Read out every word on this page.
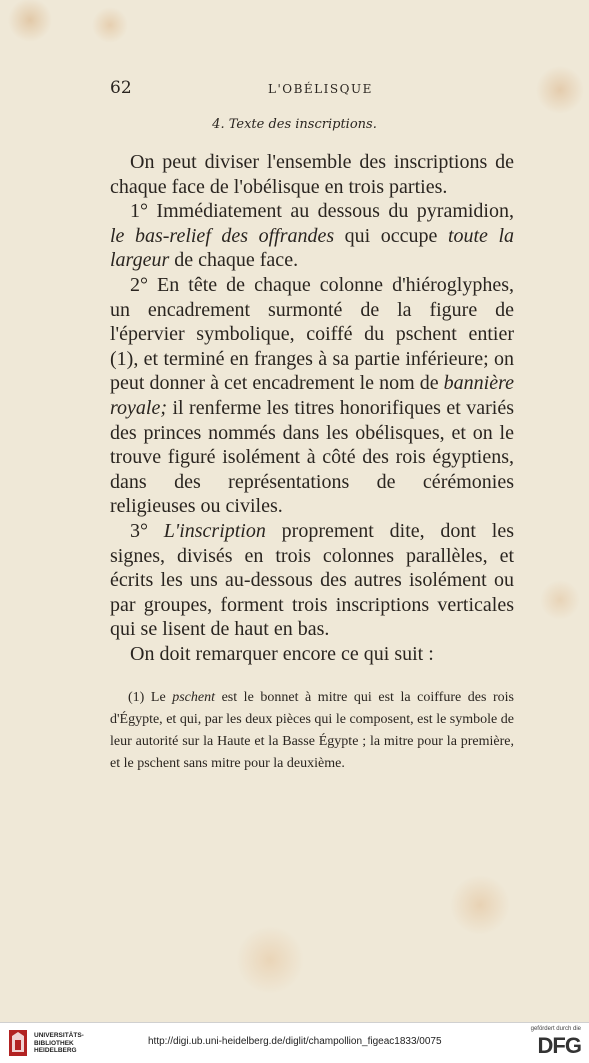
62	L'OBÉLISQUE
4. Texte des inscriptions.

On peut diviser l'ensemble des inscriptions de chaque face de l'obélisque en trois parties.

1° Immédiatement au dessous du pyramidion, le bas-relief des offrandes qui occupe toute la largeur de chaque face.

2° En tête de chaque colonne d'hiéroglyphes, un encadrement surmonté de la figure de l'épervier symbolique, coiffé du pschent entier (1), et terminé en franges à sa partie inférieure; on peut donner à cet encadrement le nom de bannière royale; il renferme les titres honorifiques et variés des princes nommés dans les obélisques, et on le trouve figuré isolément à côté des rois égyptiens, dans des représentations de cérémonies religieuses ou civiles.

3° L'inscription proprement dite, dont les signes, divisés en trois colonnes parallèles, et écrits les uns au-dessous des autres isolément ou par groupes, forment trois inscriptions verticales qui se lisent de haut en bas.

On doit remarquer encore ce qui suit :

(1) Le pschent est le bonnet à mitre qui est la coiffure des rois d'Égypte, et qui, par les deux pièces qui le composent, est le symbole de leur autorité sur la Haute et la Basse Égypte ; la mitre pour la première, et le pschent sans mitre pour la deuxième.

UNIVERSITÄTS-
BIBLIOTHEK
HEIDELBERG
http://digi.ub.uni-heidelberg.de/diglit/champollion_figeac1833/0075
gefördert durch die
DFG
